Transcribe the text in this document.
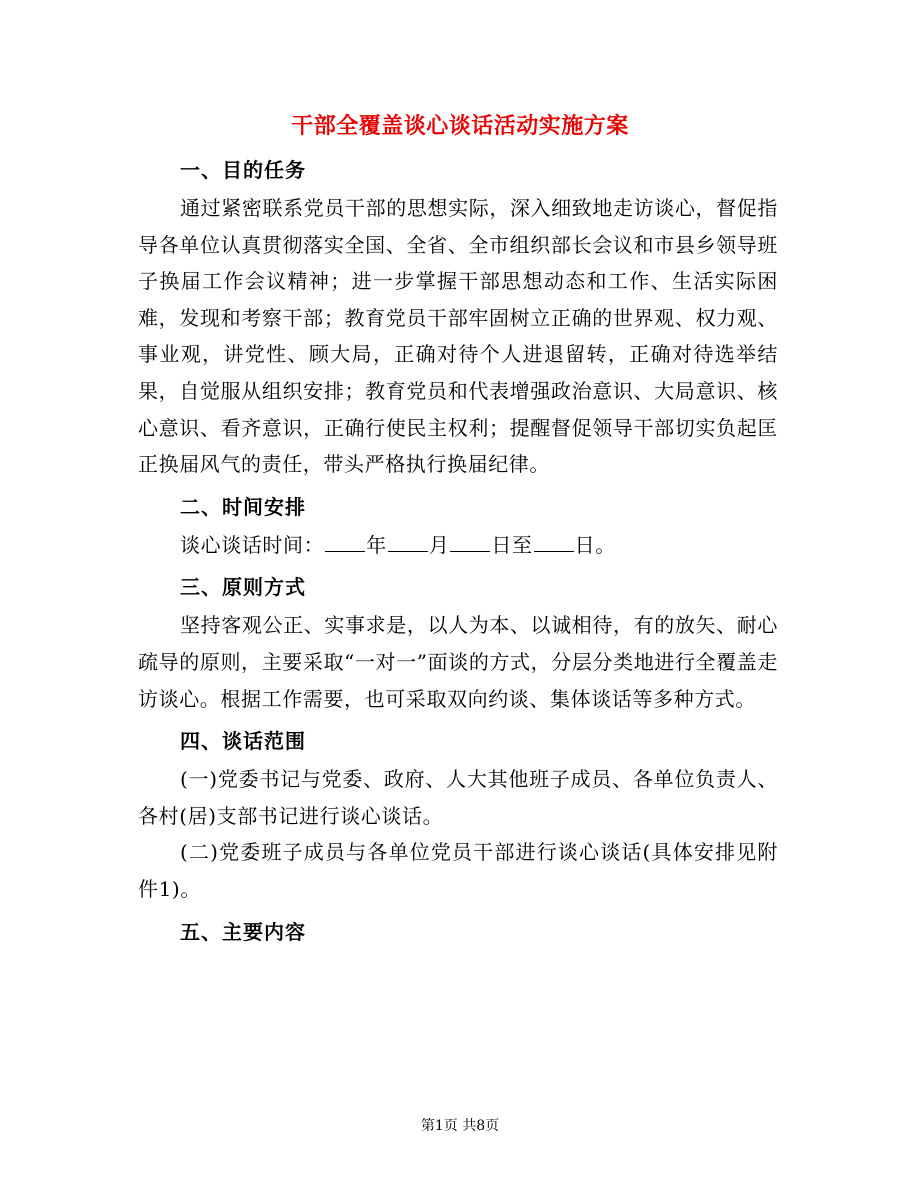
干部全覆盖谈心谈话活动实施方案

一、目的任务

通过紧密联系党员干部的思想实际，深入细致地走访谈心，督促指导各单位认真贯彻落实全国、全省、全市组织部长会议和市县乡领导班子换届工作会议精神；进一步掌握干部思想动态和工作、生活实际困难，发现和考察干部；教育党员干部牢固树立正确的世界观、权力观、事业观，讲党性、顾大局，正确对待个人进退留转，正确对待选举结果，自觉服从组织安排；教育党员和代表增强政治意识、大局意识、核心意识、看齐意识，正确行使民主权利；提醒督促领导干部切实负起匡正换届风气的责任，带头严格执行换届纪律。

二、时间安排

谈心谈话时间： 年 月 日至 日。

三、原则方式

坚持客观公正、实事求是，以人为本、以诚相待，有的放矢、耐心疏导的原则，主要采取“一对一”面谈的方式，分层分类地进行全覆盖走访谈心。根据工作需要，也可采取双向约谈、集体谈话等多种方式。

四、谈话范围

(一)党委书记与党委、政府、人大其他班子成员、各单位负责人、各村(居)支部书记进行谈心谈话。

(二)党委班子成员与各单位党员干部进行谈心谈话(具体安排见附件1)。

五、主要内容

第1页 共8页
